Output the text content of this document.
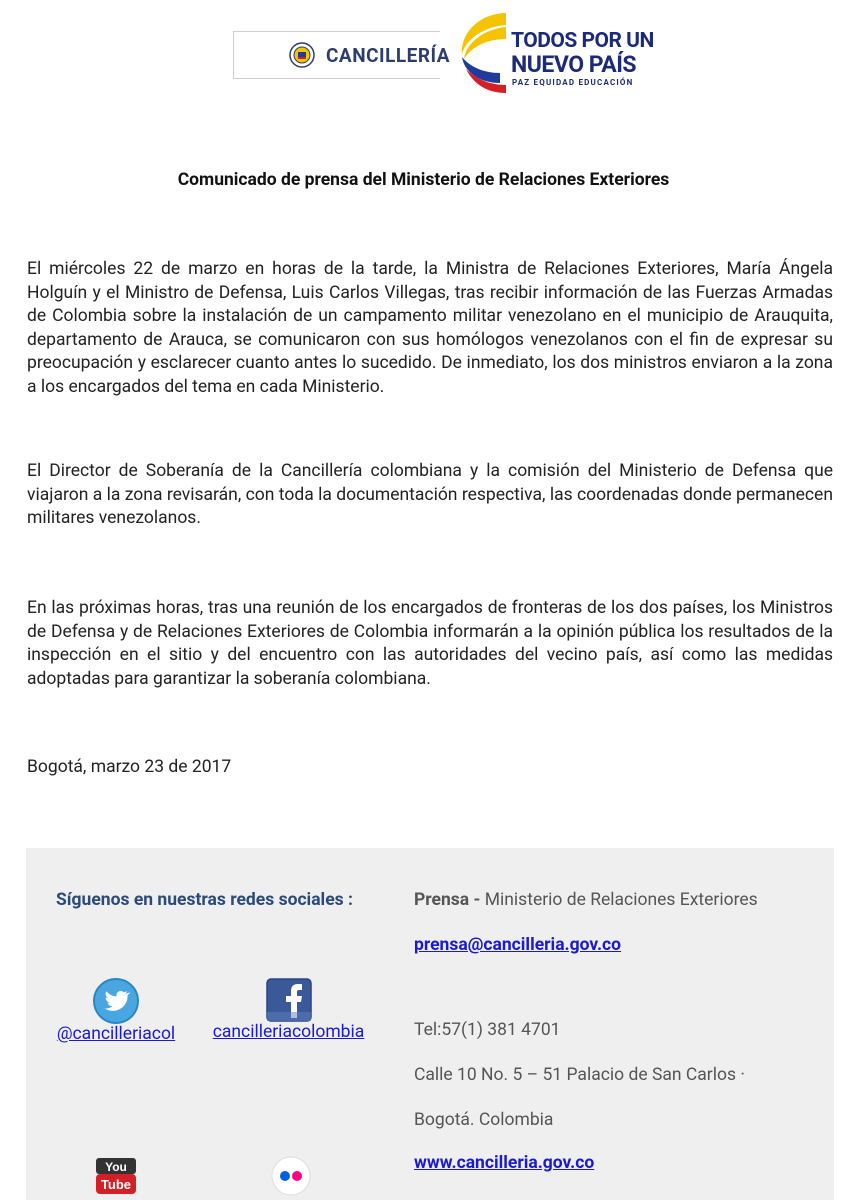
CANCILLERÍA
TODOS POR UN
NUEVO PAÍS
PAZ EQUIDAD EDUCACIÓN
Comunicado de prensa del Ministerio de Relaciones Exteriores
El miércoles 22 de marzo en horas de la tarde, la Ministra de Relaciones Exteriores, María Ángela Holguín y el Ministro de Defensa, Luis Carlos Villegas, tras recibir información de las Fuerzas Armadas de Colombia sobre la instalación de un campamento militar venezolano en el municipio de Arauquita, departamento de Arauca, se comunicaron con sus homólogos venezolanos con el fin de expresar su preocupación y esclarecer cuanto antes lo sucedido. De inmediato, los dos ministros enviaron a la zona a los encargados del tema en cada Ministerio.
El Director de Soberanía de la Cancillería colombiana y la comisión del Ministerio de Defensa que viajaron a la zona revisarán, con toda la documentación respectiva, las coordenadas donde permanecen militares venezolanos.
En las próximas horas, tras una reunión de los encargados de fronteras de los dos países, los Ministros de Defensa y de Relaciones Exteriores de Colombia informarán a la opinión pública los resultados de la inspección en el sitio y del encuentro con las autoridades del vecino país, así como las medidas adoptadas para garantizar la soberanía colombiana.
Bogotá, marzo 23 de 2017
Síguenos en nuestras redes sociales :
@cancilleriacol	cancilleriacolombia
You
Tube
Prensa - Ministerio de Relaciones Exteriores
prensa@cancilleria.gov.co
Tel:57(1) 381 4701
Calle 10 No. 5 – 51 Palacio de San Carlos ·
Bogotá. Colombia
www.cancilleria.gov.co
